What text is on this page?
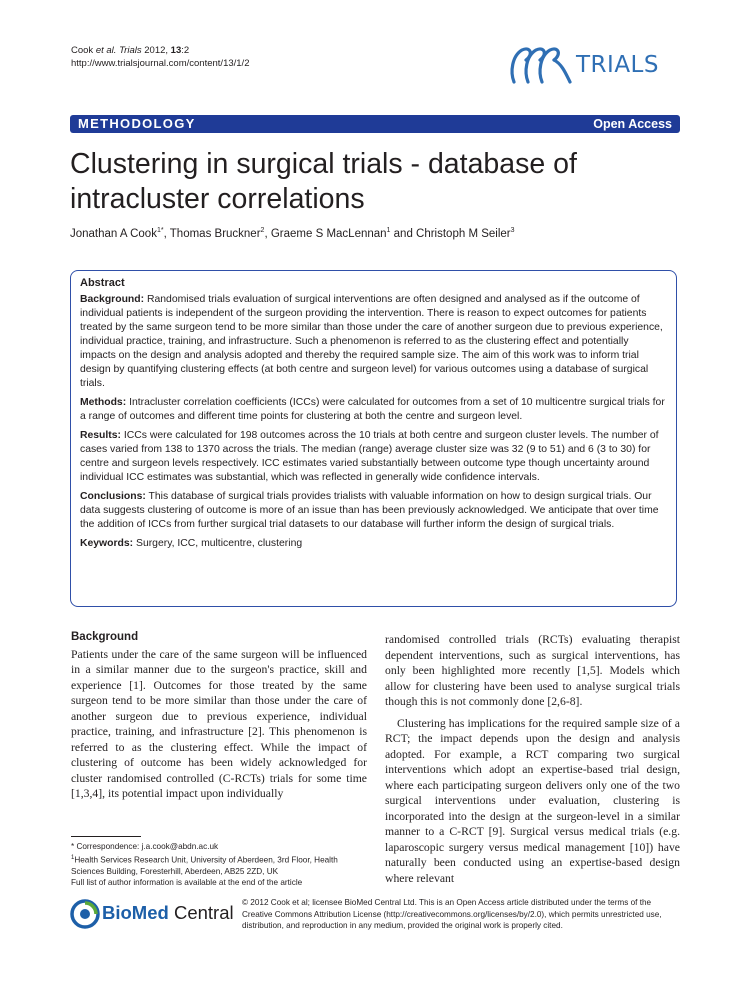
Cook et al. Trials 2012, 13:2
http://www.trialsjournal.com/content/13/1/2	TRIALS
METHODOLOGY	Open Access
Clustering in surgical trials - database of intracluster correlations
Jonathan A Cook$^{1*}$, Thomas Bruckner$^2$, Graeme S MacLennan$^1$ and Christoph M Seiler$^3$
Abstract

Background: Randomised trials evaluation of surgical interventions are often designed and analysed as if the outcome of individual patients is independent of the surgeon providing the intervention. There is reason to expect outcomes for patients treated by the same surgeon tend to be more similar than those under the care of another surgeon due to previous experience, individual practice, training, and infrastructure. Such a phenomenon is referred to as the clustering effect and potentially impacts on the design and analysis adopted and thereby the required sample size. The aim of this work was to inform trial design by quantifying clustering effects (at both centre and surgeon level) for various outcomes using a database of surgical trials.

Methods: Intracluster correlation coefficients (ICCs) were calculated for outcomes from a set of 10 multicentre surgical trials for a range of outcomes and different time points for clustering at both the centre and surgeon level.

Results: ICCs were calculated for 198 outcomes across the 10 trials at both centre and surgeon cluster levels. The number of cases varied from 138 to 1370 across the trials. The median (range) average cluster size was 32 (9 to 51) and 6 (3 to 30) for centre and surgeon levels respectively. ICC estimates varied substantially between outcome type though uncertainty around individual ICC estimates was substantial, which was reflected in generally wide confidence intervals.

Conclusions: This database of surgical trials provides trialists with valuable information on how to design surgical trials. Our data suggests clustering of outcome is more of an issue than has been previously acknowledged. We anticipate that over time the addition of ICCs from further surgical trial datasets to our database will further inform the design of surgical trials.

Keywords: Surgery, ICC, multicentre, clustering

Background

Patients under the care of the same surgeon will be influenced in a similar manner due to the surgeon's practice, skill and experience [1]. Outcomes for those treated by the same surgeon tend to be more similar than those under the care of another surgeon due to previous experience, individual practice, training, and infrastructure [2]. This phenomenon is referred to as the clustering effect. While the impact of clustering of outcome has been widely acknowledged for cluster randomised controlled (C-RCTs) trials for some time [1,3,4], its potential impact upon individually

randomised controlled trials (RCTs) evaluating therapist dependent interventions, such as surgical interventions, has only been highlighted more recently [1,5]. Models which allow for clustering have been used to analyse surgical trials though this is not commonly done [2,6-8].

Clustering has implications for the required sample size of a RCT; the impact depends upon the design and analysis adopted. For example, a RCT comparing two surgical interventions which adopt an expertise-based trial design, where each participating surgeon delivers only one of the two surgical interventions under evaluation, clustering is incorporated into the design at the surgeon-level in a similar manner to a C-RCT [9]. Surgical versus medical trials (e.g. laparoscopic surgery versus medical management [10]) have naturally been conducted using an expertise-based design where relevant

* Correspondence: j.a.cook@abdn.ac.uk
$^1$Health Services Research Unit, University of Aberdeen, 3rd Floor, Health Sciences Building, Foresterhill, Aberdeen, AB25 2ZD, UK
Full list of author information is available at the end of the article
BioMed Central © 2012 Cook et al; licensee BioMed Central Ltd. This is an Open Access article distributed under the terms of the Creative Commons Attribution License (http://creativecommons.org/licenses/by/2.0), which permits unrestricted use, distribution, and reproduction in any medium, provided the original work is properly cited.
